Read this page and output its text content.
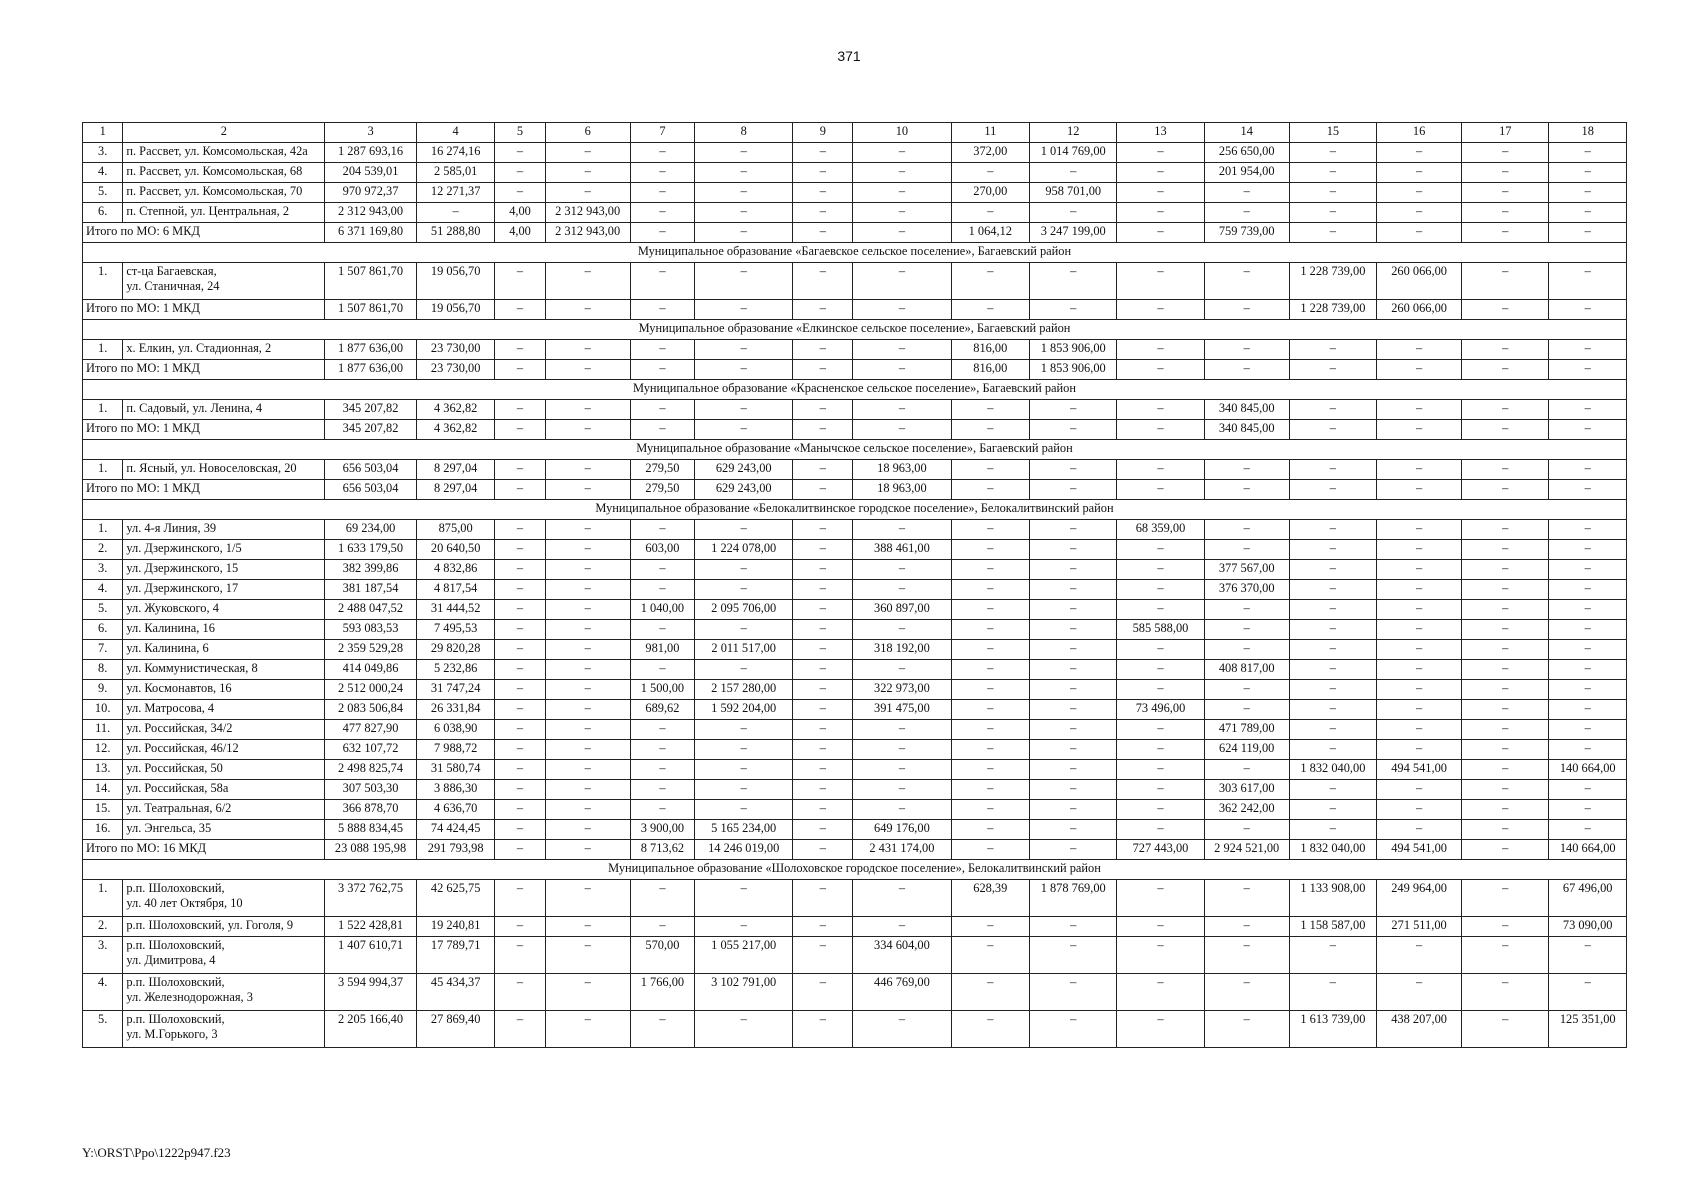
371
1	2	3	4	5	6	7	8	9	10	11	12	13	14	15	16	17	18
3.	п. Рассвет, ул. Комсомольская, 42а	1 287 693,16	16 274,16	–	–	–	–	–	–	372,00	1 014 769,00	–	256 650,00	–	–	–	–
4.	п. Рассвет, ул. Комсомольская, 68	204 539,01	2 585,01	–	–	–	–	–	–	–	–	–	201 954,00	–	–	–	–
5.	п. Рассвет, ул. Комсомольская, 70	970 972,37	12 271,37	–	–	–	–	–	–	270,00	958 701,00	–	–	–	–	–	–
6.	п. Степной, ул. Центральная, 2	2 312 943,00	–	4,00	2 312 943,00	–	–	–	–	–	–	–	–	–	–	–	–
Итого по МО: 6 МКД		6 371 169,80	51 288,80	4,00	2 312 943,00	–	–	–	–	1 064,12	3 247 199,00	–	759 739,00	–	–	–	–
Муниципальное образование «Багаевское сельское поселение», Багаевский район																	
1.	ст-ца Багаевская,
ул. Станичная, 24	1 507 861,70	19 056,70	–	–	–	–	–	–	–	–	–	–	1 228 739,00	260 066,00	–	–
Итого по МО: 1 МКД		1 507 861,70	19 056,70	–	–	–	–	–	–	–	–	–	–	1 228 739,00	260 066,00	–	–
Муниципальное образование «Елкинское сельское поселение», Багаевский район																	
1.	х. Елкин, ул. Стадионная, 2	1 877 636,00	23 730,00	–	–	–	–	–	–	816,00	1 853 906,00	–	–	–	–	–	–
Итого по МО: 1 МКД		1 877 636,00	23 730,00	–	–	–	–	–	–	816,00	1 853 906,00	–	–	–	–	–	–
Муниципальное образование «Красненское сельское поселение», Багаевский район																	
1.	п. Садовый, ул. Ленина, 4	345 207,82	4 362,82	–	–	–	–	–	–	–	–	–	340 845,00	–	–	–	–
Итого по МО: 1 МКД		345 207,82	4 362,82	–	–	–	–	–	–	–	–	–	340 845,00	–	–	–	–
Муниципальное образование «Манычское сельское поселение», Багаевский район																	
1.	п. Ясный, ул. Новоселовская, 20	656 503,04	8 297,04	–	–	279,50	629 243,00	–	18 963,00	–	–	–	–	–	–	–	–
Итого по МО: 1 МКД		656 503,04	8 297,04	–	–	279,50	629 243,00	–	18 963,00	–	–	–	–	–	–	–	–
Муниципальное образование «Белокалитвинское городское поселение», Белокалитвинский район																	
1.	ул. 4-я Линия, 39	69 234,00	875,00	–	–	–	–	–	–	–	–	68 359,00	–	–	–	–	–
2.	ул. Дзержинского, 1/5	1 633 179,50	20 640,50	–	–	603,00	1 224 078,00	–	388 461,00	–	–	–	–	–	–	–	–
3.	ул. Дзержинского, 15	382 399,86	4 832,86	–	–	–	–	–	–	–	–	–	377 567,00	–	–	–	–
4.	ул. Дзержинского, 17	381 187,54	4 817,54	–	–	–	–	–	–	–	–	–	376 370,00	–	–	–	–
5.	ул. Жуковского, 4	2 488 047,52	31 444,52	–	–	1 040,00	2 095 706,00	–	360 897,00	–	–	–	–	–	–	–	–
6.	ул. Калинина, 16	593 083,53	7 495,53	–	–	–	–	–	–	–	–	585 588,00	–	–	–	–	–
7.	ул. Калинина, 6	2 359 529,28	29 820,28	–	–	981,00	2 011 517,00	–	318 192,00	–	–	–	–	–	–	–	–
8.	ул. Коммунистическая, 8	414 049,86	5 232,86	–	–	–	–	–	–	–	–	–	408 817,00	–	–	–	–
9.	ул. Космонавтов, 16	2 512 000,24	31 747,24	–	–	1 500,00	2 157 280,00	–	322 973,00	–	–	–	–	–	–	–	–
10.	ул. Матросова, 4	2 083 506,84	26 331,84	–	–	689,62	1 592 204,00	–	391 475,00	–	–	73 496,00	–	–	–	–	–
11.	ул. Российская, 34/2	477 827,90	6 038,90	–	–	–	–	–	–	–	–	–	471 789,00	–	–	–	–
12.	ул. Российская, 46/12	632 107,72	7 988,72	–	–	–	–	–	–	–	–	–	624 119,00	–	–	–	–
13.	ул. Российская, 50	2 498 825,74	31 580,74	–	–	–	–	–	–	–	–	–	–	1 832 040,00	494 541,00	–	140 664,00
14.	ул. Российская, 58а	307 503,30	3 886,30	–	–	–	–	–	–	–	–	–	303 617,00	–	–	–	–
15.	ул. Театральная, 6/2	366 878,70	4 636,70	–	–	–	–	–	–	–	–	–	362 242,00	–	–	–	–
16.	ул. Энгельса, 35	5 888 834,45	74 424,45	–	–	3 900,00	5 165 234,00	–	649 176,00	–	–	–	–	–	–	–	–
Итого по МО: 16 МКД		23 088 195,98	291 793,98	–	–	8 713,62	14 246 019,00	–	2 431 174,00	–	–	727 443,00	2 924 521,00	1 832 040,00	494 541,00	–	140 664,00
Муниципальное образование «Шолоховское городское поселение», Белокалитвинский район																	
1.	р.п. Шолоховский,
ул. 40 лет Октября, 10	3 372 762,75	42 625,75	–	–	–	–	–	–	628,39	1 878 769,00	–	–	1 133 908,00	249 964,00	–	67 496,00
2.	р.п. Шолоховский, ул. Гоголя, 9	1 522 428,81	19 240,81	–	–	–	–	–	–	–	–	–	–	1 158 587,00	271 511,00	–	73 090,00
3.	р.п. Шолоховский,
ул. Димитрова, 4	1 407 610,71	17 789,71	–	–	570,00	1 055 217,00	–	334 604,00	–	–	–	–	–	–	–	–
4.	р.п. Шолоховский,
ул. Железнодорожная, 3	3 594 994,37	45 434,37	–	–	1 766,00	3 102 791,00	–	446 769,00	–	–	–	–	–	–	–	–
5.	р.п. Шолоховский,
ул. М.Горького, 3	2 205 166,40	27 869,40	–	–	–	–	–	–	–	–	–	–	1 613 739,00	438 207,00	–	125 351,00
Y:\ORST\Ppo\1222p947.f23
